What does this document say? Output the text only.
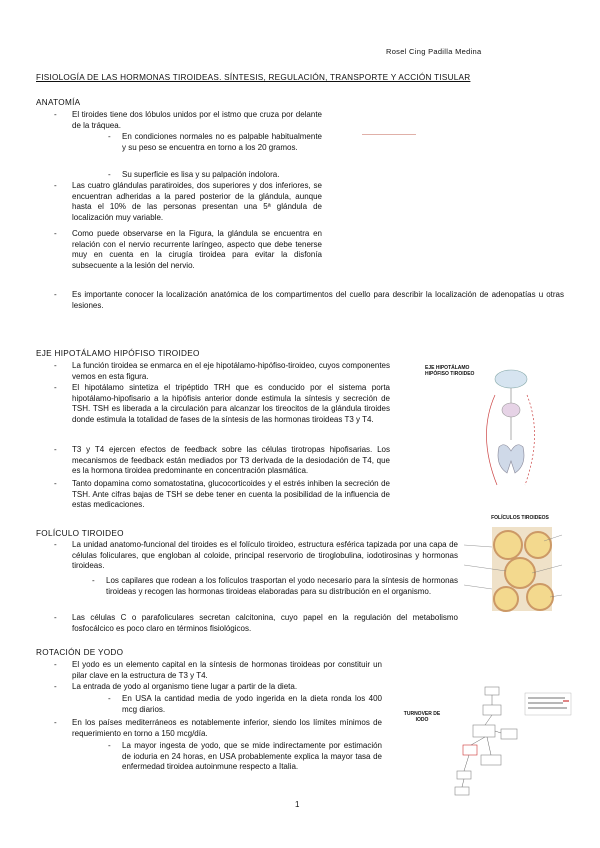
Rosel Cing Padilla Medina
FISIOLOGÍA DE LAS HORMONAS TIROIDEAS. SÍNTESIS, REGULACIÓN, TRANSPORTE Y ACCIÓN TISULAR
ANATOMÍA
- El tiroides tiene dos lóbulos unidos por el istmo que cruza por delante de la tráquea.
- En condiciones normales no es palpable habitualmente y su peso se encuentra en torno a los 20 gramos.
- Su superficie es lisa y su palpación indolora.
- Las cuatro glándulas paratiroides, dos superiores y dos inferiores, se encuentran adheridas a la pared posterior de la glándula, aunque hasta el 10% de las personas presentan una 5ª glándula de localización muy variable.
- Como puede observarse en la Figura, la glándula se encuentra en relación con el nervio recurrente laríngeo, aspecto que debe tenerse muy en cuenta en la cirugía tiroidea para evitar la disfonía subsecuente a la lesión del nervio.
- Es importante conocer la localización anatómica de los compartimentos del cuello para describir la localización de adenopatías u otras lesiones.
EJE HIPOTÁLAMO HIPÓFISO TIROIDEO
- La función tiroidea se enmarca en el eje hipotálamo-hipófiso-tiroideo, cuyos componentes vemos en esta figura.
- El hipotálamo sintetiza el tripéptido TRH que es conducido por el sistema porta hipotálamo-hipofisario a la hipófisis anterior donde estimula la síntesis y secreción de TSH. TSH es liberada a la circulación para alcanzar los tireocitos de la glándula tiroides donde estimula la totalidad de fases de la síntesis de las hormonas tiroideas T3 y T4.
- T3 y T4 ejercen efectos de feedback sobre las células tirotropas hipofisarias. Los mecanismos de feedback están mediados por T3 derivada de la desiodación de T4, que es la hormona tiroidea predominante en concentración plasmática.
- Tanto dopamina como somatostatina, glucocorticoides y el estrés inhiben la secreción de TSH. Ante cifras bajas de TSH se debe tener en cuenta la posibilidad de la influencia de estas medicaciones.
EJE HIPOTÁLAMO HIPÓFISO TIROIDEO
FOLÍCULO TIROIDEO
- La unidad anatomo-funcional del tiroides es el folículo tiroideo, estructura esférica tapizada por una capa de células foliculares, que engloban al coloide, principal reservorio de tiroglobulina, iodotirosinas y hormonas tiroideas.
- Los capilares que rodean a los folículos trasportan el yodo necesario para la síntesis de hormonas tiroideas y recogen las hormonas tiroideas elaboradas para su distribución en el organismo.
- Las células C o parafoliculares secretan calcitonina, cuyo papel en la regulación del metabolismo fosfocálcico es poco claro en términos fisiológicos.
FOLÍCULOS TIROIDEOS
ROTACIÓN DE YODO
- El yodo es un elemento capital en la síntesis de hormonas tiroideas por constituir un pilar clave en la estructura de T3 y T4.
- La entrada de yodo al organismo tiene lugar a partir de la dieta.
- En USA la cantidad media de yodo ingerida en la dieta ronda los 400 mcg diarios.
- En los países mediterráneos es notablemente inferior, siendo los límites mínimos de requerimiento en torno a 150 mcg/día.
- La mayor ingesta de yodo, que se mide indirectamente por estimación de ioduria en 24 horas, en USA probablemente explica la mayor tasa de enfermedad tiroidea autoinmune respecto a Italia.
TURNOVER DE IODO
1
